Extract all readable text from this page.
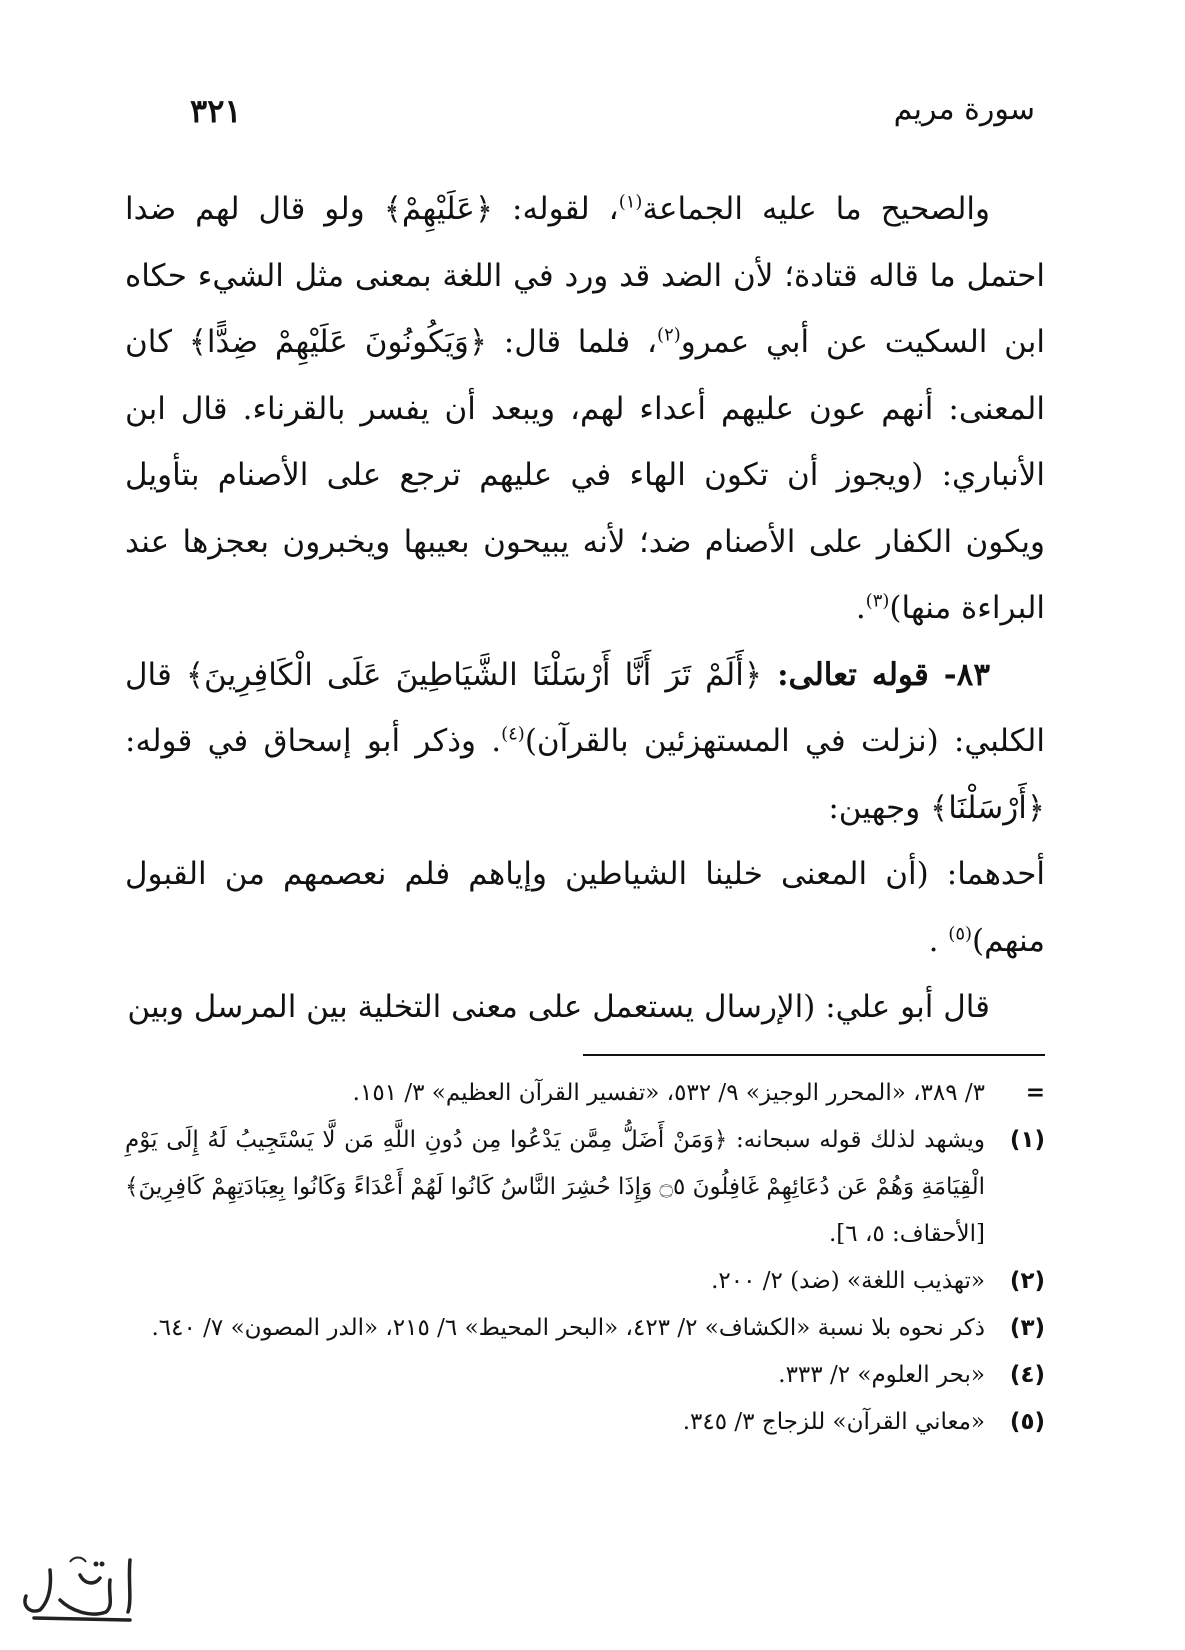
سورة مريم
٣٢١

والصحيح ما عليه الجماعة$^{(١)}$، لقوله: ﴿عَلَيْهِمْ﴾ ولو قال لهم ضدا احتمل ما قاله قتادة؛ لأن الضد قد ورد في اللغة بمعنى مثل الشيء حكاه ابن السكيت عن أبي عمرو$^{(٢)}$، فلما قال: ﴿وَيَكُونُونَ عَلَيْهِمْ ضِدًّا﴾ كان المعنى: أنهم عون عليهم أعداء لهم، ويبعد أن يفسر بالقرناء. قال ابن الأنباري: (ويجوز أن تكون الهاء في عليهم ترجع على الأصنام بتأويل ويكون الكفار على الأصنام ضد؛ لأنه يبيحون بعيبها ويخبرون بعجزها عند البراءة منها)$^{(٣)}$.

٨٣- قوله تعالى: ﴿أَلَمْ تَرَ أَنَّا أَرْسَلْنَا الشَّيَاطِينَ عَلَى الْكَافِرِينَ﴾ قال الكلبي: (نزلت في المستهزئين بالقرآن)$^{(٤)}$. وذكر أبو إسحاق في قوله: ﴿أَرْسَلْنَا﴾ وجهين:

أحدهما: (أن المعنى خلينا الشياطين وإياهم فلم نعصمهم من القبول منهم)$^{(٥)}$ .

قال أبو علي: (الإرسال يستعمل على معنى التخلية بين المرسل وبين

=
٣/ ٣٨٩، «المحرر الوجيز» ٩/ ٥٣٢، «تفسير القرآن العظيم» ٣/ ١٥١.
(١)
ويشهد لذلك قوله سبحانه: ﴿وَمَنْ أَضَلُّ مِمَّن يَدْعُوا مِن دُونِ اللَّهِ مَن لَّا يَسْتَجِيبُ لَهُ إِلَى يَوْمِ الْقِيَامَةِ وَهُمْ عَن دُعَائِهِمْ غَافِلُونَ ۝٥ وَإِذَا حُشِرَ النَّاسُ كَانُوا لَهُمْ أَعْدَاءً وَكَانُوا بِعِبَادَتِهِمْ كَافِرِينَ﴾ [الأحقاف: ٥، ٦].
(٢)
«تهذيب اللغة» (ضد) ٢/ ٢٠٠.
(٣)
ذكر نحوه بلا نسبة «الكشاف» ٢/ ٤٢٣، «البحر المحيط» ٦/ ٢١٥، «الدر المصون» ٧/ ٦٤٠.
(٤)
«بحر العلوم» ٢/ ٣٣٣.
(٥)
«معاني القرآن» للزجاج ٣/ ٣٤٥.
